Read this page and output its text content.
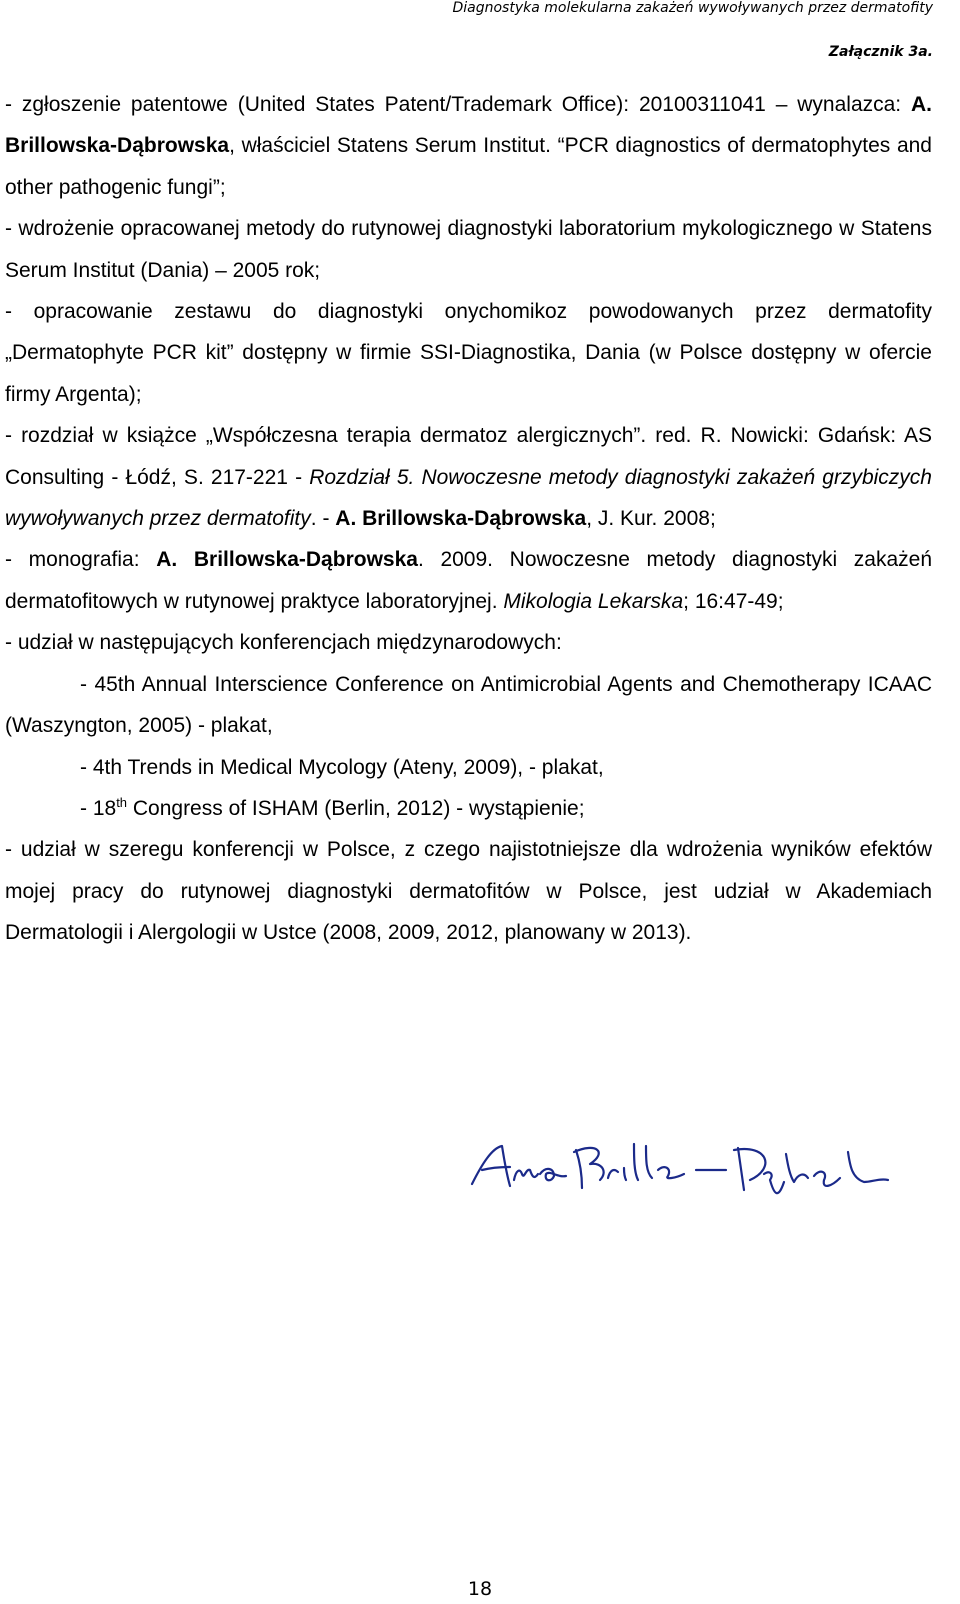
Diagnostyka molekularna zakażeń wywoływanych przez dermatofity
Załącznik 3a.

- zgłoszenie patentowe (United States Patent/Trademark Office): 20100311041 – wynalazca: A. Brillowska-Dąbrowska, właściciel Statens Serum Institut. “PCR diagnostics of dermatophytes and other pathogenic fungi”;

- wdrożenie opracowanej metody do rutynowej diagnostyki laboratorium mykologicznego w Statens Serum Institut (Dania) – 2005 rok;

- opracowanie zestawu do diagnostyki onychomikoz powodowanych przez dermatofity „Dermatophyte PCR kit” dostępny w firmie SSI-Diagnostika, Dania (w Polsce dostępny w ofercie firmy Argenta);

- rozdział w książce „Współczesna terapia dermatoz alergicznych”. red. R. Nowicki: Gdańsk: AS Consulting - Łódź, S. 217-221 - Rozdział 5. Nowoczesne metody diagnostyki zakażeń grzybiczych wywoływanych przez dermatofity. - A. Brillowska-Dąbrowska, J. Kur. 2008;

- monografia: A. Brillowska-Dąbrowska. 2009. Nowoczesne metody diagnostyki zakażeń dermatofitowych w rutynowej praktyce laboratoryjnej. Mikologia Lekarska; 16:47-49;

- udział w następujących konferencjach międzynarodowych:

- 45th Annual Interscience Conference on Antimicrobial Agents and Chemotherapy ICAAC (Waszyngton, 2005) - plakat,

- 4th Trends in Medical Mycology (Ateny, 2009), - plakat,

- 18th Congress of ISHAM (Berlin, 2012) - wystąpienie;

- udział w szeregu konferencji w Polsce, z czego najistotniejsze dla wdrożenia wyników efektów mojej pracy do rutynowej diagnostyki dermatofitów w Polsce, jest udział w Akademiach Dermatologii i Alergologii w Ustce (2008, 2009, 2012, planowany w 2013).

18
